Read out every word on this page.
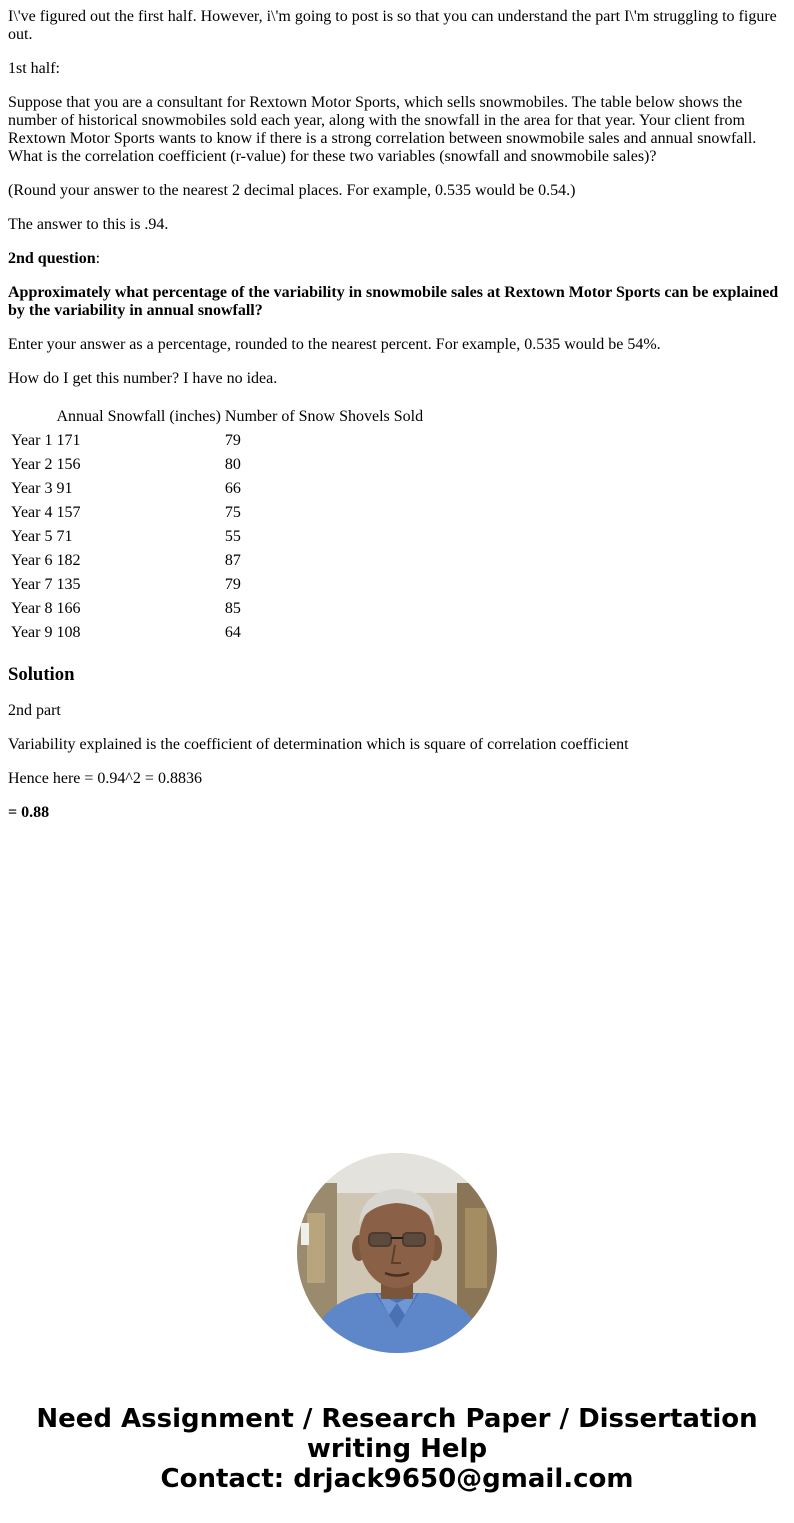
I\'ve figured out the first half. However, i\'m going to post is so that you can understand the part I\'m struggling to figure out.

1st half:

Suppose that you are a consultant for Rextown Motor Sports, which sells snowmobiles. The table below shows the number of historical snowmobiles sold each year, along with the snowfall in the area for that year. Your client from Rextown Motor Sports wants to know if there is a strong correlation between snowmobile sales and annual snowfall. What is the correlation coefficient (r-value) for these two variables (snowfall and snowmobile sales)?

(Round your answer to the nearest 2 decimal places. For example, 0.535 would be 0.54.)

The answer to this is .94.

2nd question:

Approximately what percentage of the variability in snowmobile sales at Rextown Motor Sports can be explained by the variability in annual snowfall?

Enter your answer as a percentage, rounded to the nearest percent. For example, 0.535 would be 54%.

How do I get this number? I have no idea.

	Annual Snowfall (inches)	Number of Snow Shovels Sold
Year 1	171	79
Year 2	156	80
Year 3	91	66
Year 4	157	75
Year 5	71	55
Year 6	182	87
Year 7	135	79
Year 8	166	85
Year 9	108	64
Solution

2nd part

Variability explained is the coefficient of determination which is square of correlation coefficient

Hence here = 0.94^2 = 0.8836

= 0.88

Need Assignment / Research Paper / Dissertation
writing Help
Contact: drjack9650@gmail.com
